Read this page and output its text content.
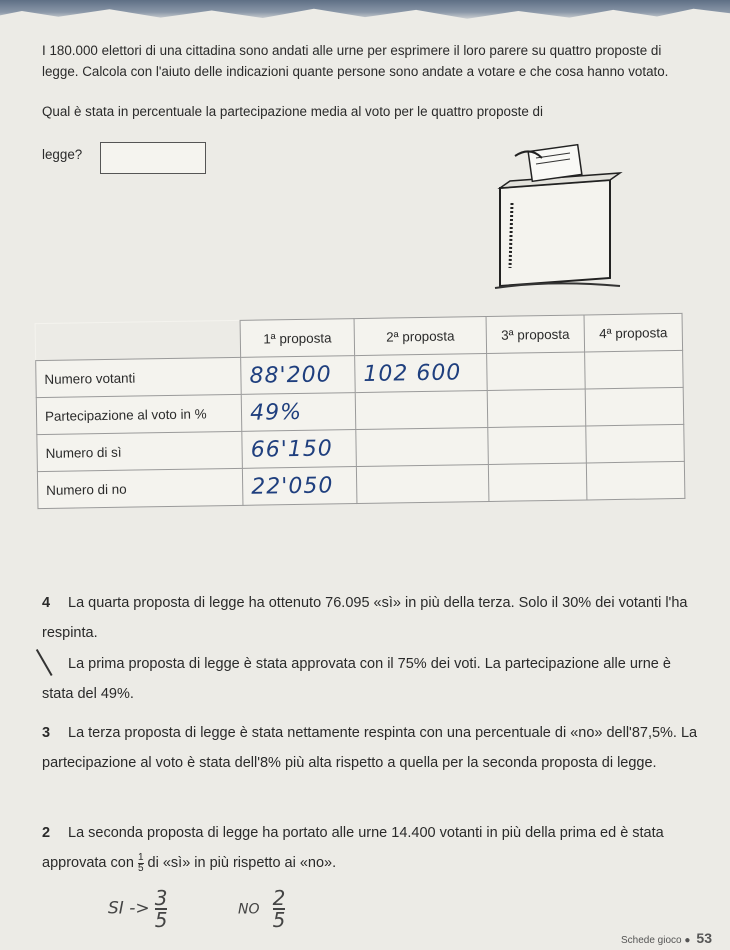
I 180.000 elettori di una cittadina sono andati alle urne per esprimere il loro parere su quattro proposte di legge. Calcola con l'aiuto delle indicazioni quante persone sono andate a votare e che cosa hanno votato.
Qual è stata in percentuale la partecipazione media al voto per le quattro proposte di
legge?
	1ª proposta	2ª proposta	3ª proposta	4ª proposta
Numero votanti	88'200	102 600		
Partecipazione al voto in %	49%			
Numero di sì	66'150			
Numero di no	22'050			
4 La quarta proposta di legge ha ottenuto 76.095 «sì» in più della terza. Solo il 30% dei votanti l'ha respinta.
La prima proposta di legge è stata approvata con il 75% dei voti. La partecipazione alle urne è stata del 49%.
3 La terza proposta di legge è stata nettamente respinta con una percentuale di «no» dell'87,5%. La partecipazione al voto è stata dell'8% più alta rispetto a quella per la seconda proposta di legge.
2 La seconda proposta di legge ha portato alle urne 14.400 votanti in più della prima ed è stata approvata con $\frac{1}{5}$ di «sì» in più rispetto ai «no».
SI -> $\frac{3}{5}$	NO $\frac{2}{5}$
Schede gioco ● 53
